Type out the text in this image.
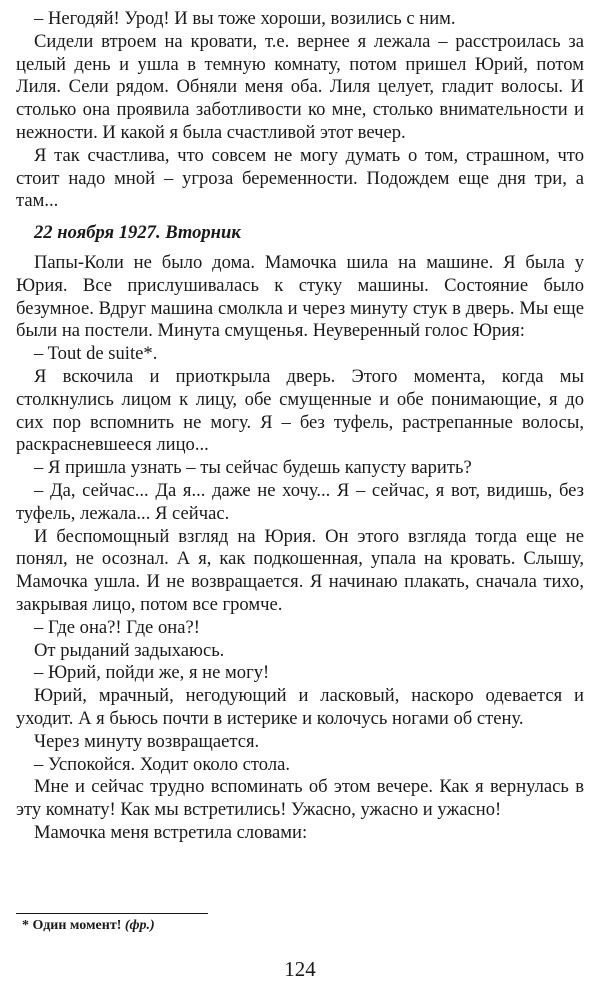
– Негодяй! Урод! И вы тоже хороши, возились с ним.

Сидели втроем на кровати, т.е. вернее я лежала – расстроилась за целый день и ушла в темную комнату, потом пришел Юрий, потом Лиля. Сели рядом. Обняли меня оба. Лиля целует, гладит волосы. И столько она проявила заботливости ко мне, столько внимательности и нежности. И какой я была счастливой этот вечер.

Я так счастлива, что совсем не могу думать о том, страшном, что стоит надо мной – угроза беременности. Подождем еще дня три, а там...

22 ноября 1927. Вторник

Папы-Коли не было дома. Мамочка шила на машине. Я была у Юрия. Все прислушивалась к стуку машины. Состояние было безумное. Вдруг машина смолкла и через минуту стук в дверь. Мы еще были на постели. Минута смущенья. Неуверенный голос Юрия:

– Tout de suite*.

Я вскочила и приоткрыла дверь. Этого момента, когда мы столкнулись лицом к лицу, обе смущенные и обе понимающие, я до сих пор вспомнить не могу. Я – без туфель, растрепанные волосы, раскрасневшееся лицо...

– Я пришла узнать – ты сейчас будешь капусту варить?

– Да, сейчас... Да я... даже не хочу... Я – сейчас, я вот, видишь, без туфель, лежала... Я сейчас.

И беспомощный взгляд на Юрия. Он этого взгляда тогда еще не понял, не осознал. А я, как подкошенная, упала на кровать. Слышу, Мамочка ушла. И не возвращается. Я начинаю плакать, сначала тихо, закрывая лицо, потом все громче.

– Где она?! Где она?!

От рыданий задыхаюсь.

– Юрий, пойди же, я не могу!

Юрий, мрачный, негодующий и ласковый, наскоро одевается и уходит. А я бьюсь почти в истерике и колочусь ногами об стену.

Через минуту возвращается.

– Успокойся. Ходит около стола.

Мне и сейчас трудно вспоминать об этом вечере. Как я вернулась в эту комнату! Как мы встретились! Ужасно, ужасно и ужасно!

Мамочка меня встретила словами:

* Один момент! (фр.)
124
